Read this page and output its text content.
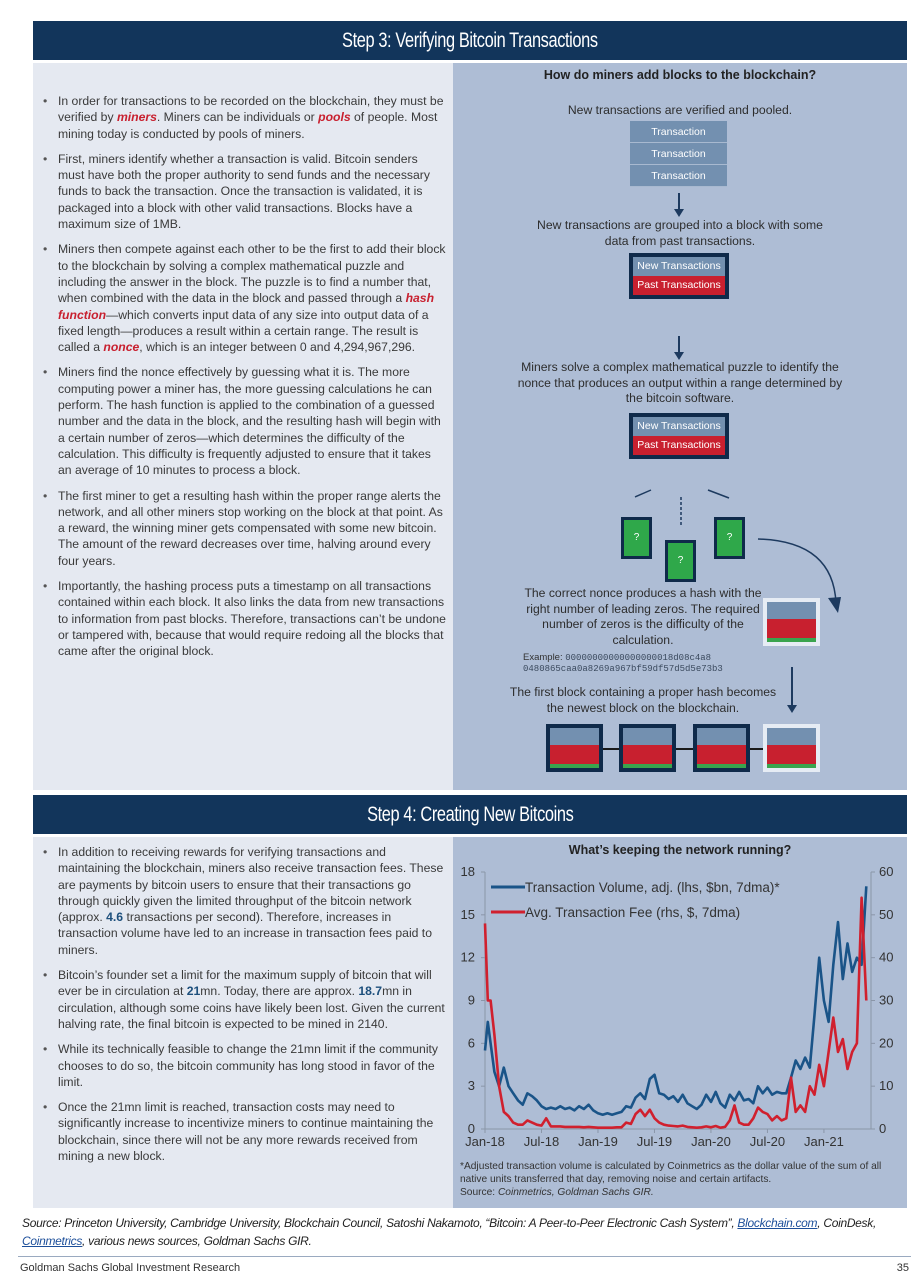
Step 3: Verifying Bitcoin Transactions
• In order for transactions to be recorded on the blockchain, they must be verified by miners. Miners can be individuals or pools of people. Most mining today is conducted by pools of miners.
• First, miners identify whether a transaction is valid. Bitcoin senders must have both the proper authority to send funds and the necessary funds to back the transaction. Once the transaction is validated, it is packaged into a block with other valid transactions. Blocks have a maximum size of 1MB.
• Miners then compete against each other to be the first to add their block to the blockchain by solving a complex mathematical puzzle and including the answer in the block. The puzzle is to find a number that, when combined with the data in the block and passed through a hash function—which converts input data of any size into output data of a fixed length—produces a result within a certain range. The result is called a nonce, which is an integer between 0 and 4,294,967,296.
• Miners find the nonce effectively by guessing what it is. The more computing power a miner has, the more guessing calculations he can perform. The hash function is applied to the combination of a guessed number and the data in the block, and the resulting hash will begin with a certain number of zeros—which determines the difficulty of the calculation. This difficulty is frequently adjusted to ensure that it takes an average of 10 minutes to process a block.
• The first miner to get a resulting hash within the proper range alerts the network, and all other miners stop working on the block at that point. As a reward, the winning miner gets compensated with some new bitcoin. The amount of the reward decreases over time, halving around every four years.
• Importantly, the hashing process puts a timestamp on all transactions contained within each block. It also links the data from new transactions to information from past blocks. Therefore, transactions can’t be undone or tampered with, because that would require redoing all the blocks that came after the original block.
How do miners add blocks to the blockchain?
New transactions are verified and pooled.
Transaction
Transaction
Transaction
New transactions are grouped into a block with some data from past transactions.
New Transactions
Past Transactions
Miners solve a complex mathematical puzzle to identify the nonce that produces an output within a range determined by the bitcoin software.
New Transactions
Past Transactions
?
?
?
The correct nonce produces a hash with the right number of leading zeros. The required number of zeros is the difficulty of the calculation.
Example: 00000000000000000018d08c4a8
0480865caa0a8269a967bf59df57d5d5e73b3
The first block containing a proper hash becomes the newest block on the blockchain.
Step 4: Creating New Bitcoins
• In addition to receiving rewards for verifying transactions and maintaining the blockchain, miners also receive transaction fees. These are payments by bitcoin users to ensure that their transactions go through quickly given the limited throughput of the bitcoin network (approx. 4.6 transactions per second). Therefore, increases in transaction volume have led to an increase in transaction fees paid to miners.
• Bitcoin’s founder set a limit for the maximum supply of bitcoin that will ever be in circulation at 21mn. Today, there are approx. 18.7mn in circulation, although some coins have likely been lost. Given the current halving rate, the final bitcoin is expected to be mined in 2140.
• While its technically feasible to change the 21mn limit if the community chooses to do so, the bitcoin community has long stood in favor of the limit.
• Once the 21mn limit is reached, transaction costs may need to significantly increase to incentivize miners to continue maintaining the blockchain, since there will not be any more rewards received from mining a new block.
What’s keeping the network running?
0
3
6
9
12
15
18
0
10
20
30
40
50
60
Jan-18 Jul-18 Jan-19 Jul-19 Jan-20 Jul-20 Jan-21
Transaction Volume, adj. (lhs, $bn, 7dma)*
Avg. Transaction Fee (rhs, $, 7dma)
*Adjusted transaction volume is calculated by Coinmetrics as the dollar value of the sum of all native units transferred that day, removing noise and certain artifacts.
Source: Coinmetrics, Goldman Sachs GIR.
Source: Princeton University, Cambridge University, Blockchain Council, Satoshi Nakamoto, “Bitcoin: A Peer-to-Peer Electronic Cash System”, Blockchain.com, CoinDesk, Coinmetrics, various news sources, Goldman Sachs GIR.
Goldman Sachs Global Investment Research	35
